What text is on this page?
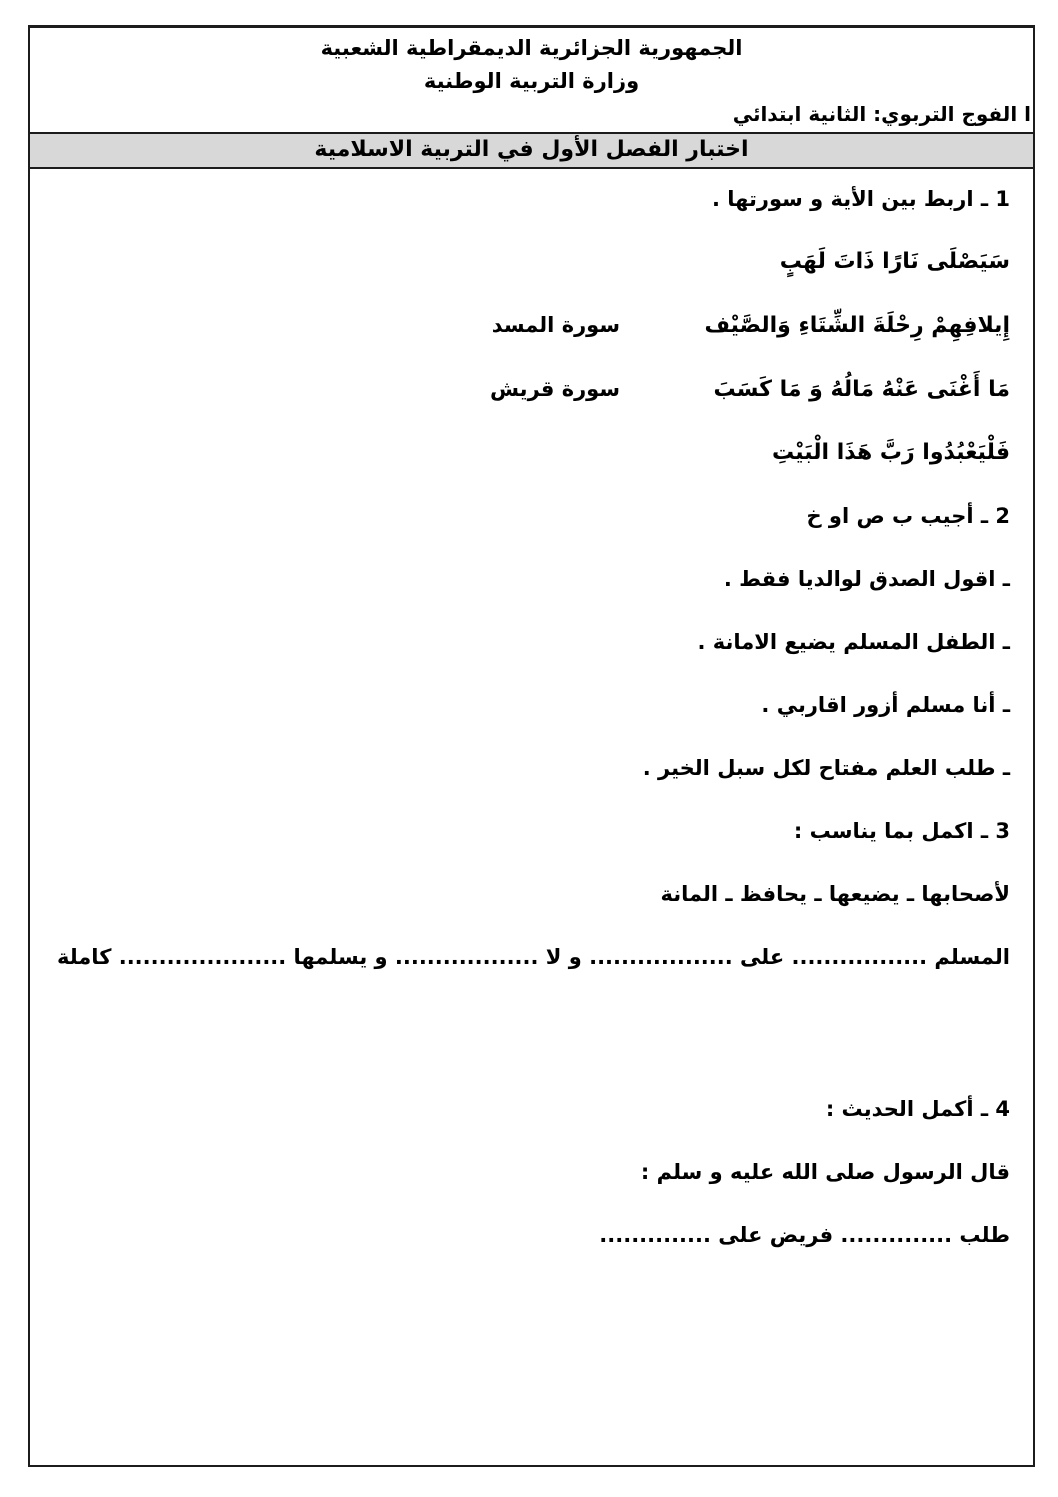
الجمهورية الجزائرية الديمقراطية الشعبية
وزارة التربية الوطنية
ا الفوج التربوي: الثانية ابتدائي
اختبار الفصل الأول في التربية الاسلامية
1 ـ اربط بين الأية و سورتها .
سَيَصْلَى نَارًا ذَاتَ لَهَبٍ
إِيلافِهِمْ رِحْلَةَ الشِّتَاءِ وَالصَّيْف
سورة المسد
مَا أَغْنَى عَنْهُ مَالُهُ وَ مَا كَسَبَ
سورة قريش
فَلْيَعْبُدُوا رَبَّ هَذَا الْبَيْتِ
2 ـ أجيب ب ص او خ
ـ اقول الصدق لوالديا فقط .
ـ الطفل المسلم يضيع الامانة .
ـ أنا مسلم أزور اقاربي .
ـ طلب العلم مفتاح لكل سبل الخير .
3 ـ اكمل بما يناسب :
لأصحابها ـ يضيعها ـ يحافظ ـ المانة
المسلم ................. على .................. و لا .................. و يسلمها ..................... كاملة
4 ـ أكمل الحديث :
قال الرسول صلى الله عليه و سلم :
طلب .............. فريض على ..............
